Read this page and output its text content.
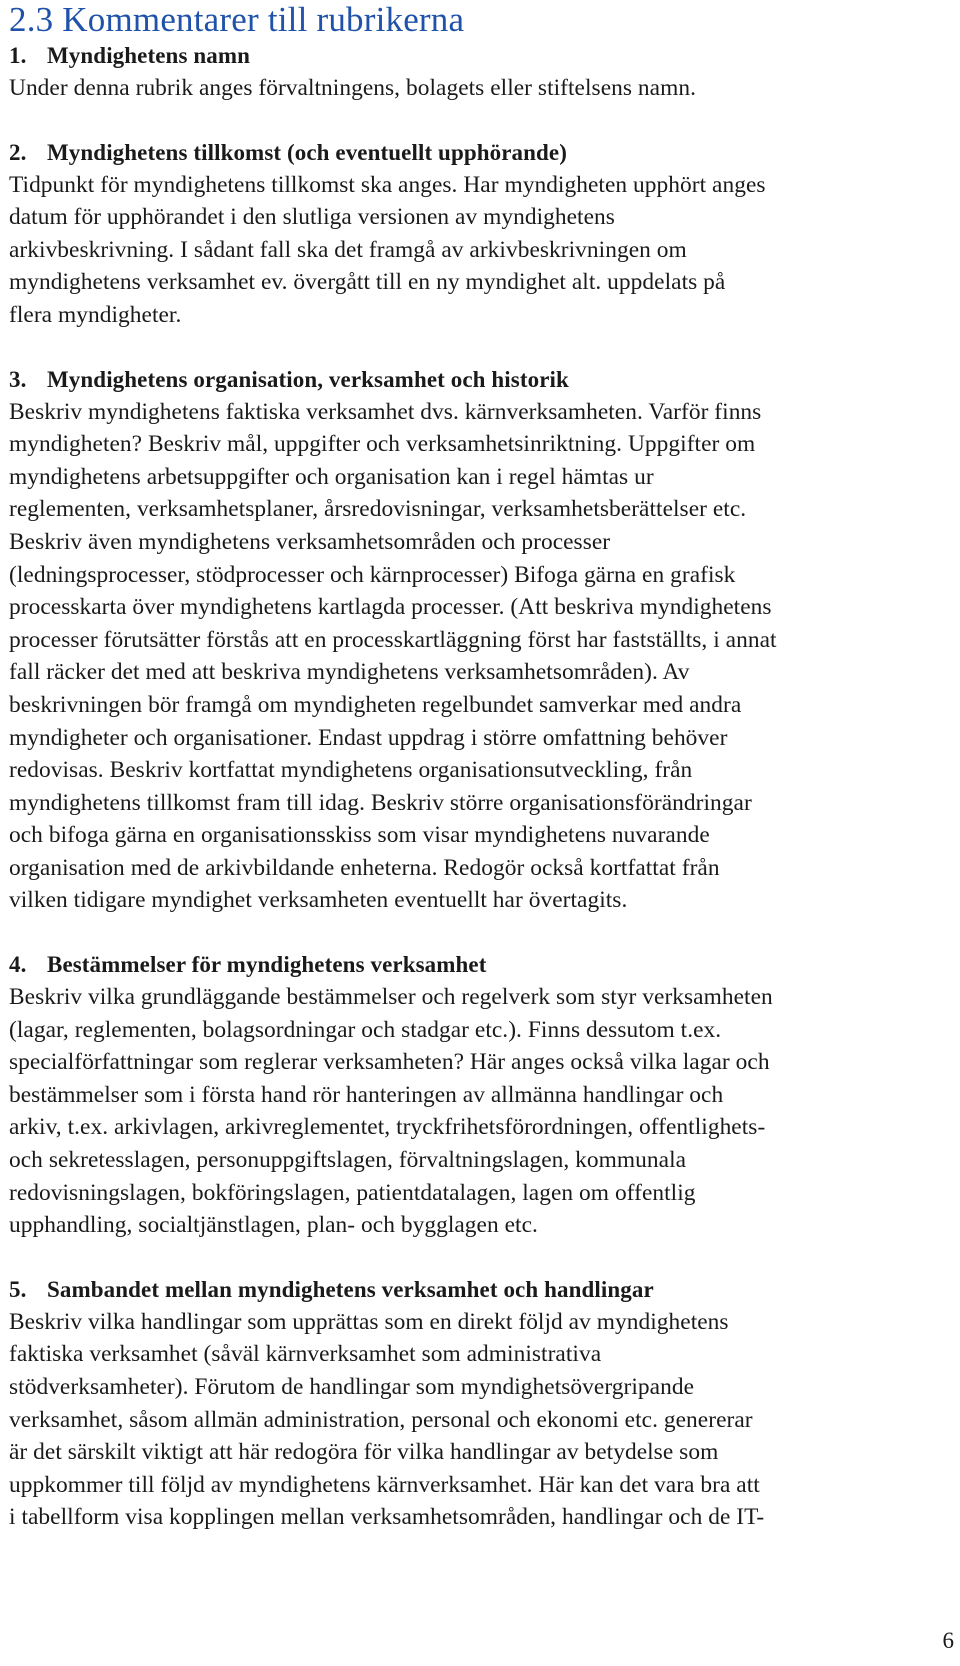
2.3 Kommentarer till rubrikerna
1. Myndighetens namn
Under denna rubrik anges förvaltningens, bolagets eller stiftelsens namn.
2. Myndighetens tillkomst (och eventuellt upphörande)
Tidpunkt för myndighetens tillkomst ska anges. Har myndigheten upphört anges
datum för upphörandet i den slutliga versionen av myndighetens
arkivbeskrivning. I sådant fall ska det framgå av arkivbeskrivningen om
myndighetens verksamhet ev. övergått till en ny myndighet alt. uppdelats på
flera myndigheter.
3. Myndighetens organisation, verksamhet och historik
Beskriv myndighetens faktiska verksamhet dvs. kärnverksamheten. Varför finns
myndigheten? Beskriv mål, uppgifter och verksamhetsinriktning. Uppgifter om
myndighetens arbetsuppgifter och organisation kan i regel hämtas ur
reglementen, verksamhetsplaner, årsredovisningar, verksamhetsberättelser etc.
Beskriv även myndighetens verksamhetsområden och processer
(ledningsprocesser, stödprocesser och kärnprocesser) Bifoga gärna en grafisk
processkarta över myndighetens kartlagda processer. (Att beskriva myndighetens
processer förutsätter förstås att en processkartläggning först har fastställts, i annat
fall räcker det med att beskriva myndighetens verksamhetsområden). Av
beskrivningen bör framgå om myndigheten regelbundet samverkar med andra
myndigheter och organisationer. Endast uppdrag i större omfattning behöver
redovisas. Beskriv kortfattat myndighetens organisationsutveckling, från
myndighetens tillkomst fram till idag. Beskriv större organisationsförändringar
och bifoga gärna en organisationsskiss som visar myndighetens nuvarande
organisation med de arkivbildande enheterna. Redogör också kortfattat från
vilken tidigare myndighet verksamheten eventuellt har övertagits.
4. Bestämmelser för myndighetens verksamhet
Beskriv vilka grundläggande bestämmelser och regelverk som styr verksamheten
(lagar, reglementen, bolagsordningar och stadgar etc.). Finns dessutom t.ex.
specialförfattningar som reglerar verksamheten? Här anges också vilka lagar och
bestämmelser som i första hand rör hanteringen av allmänna handlingar och
arkiv, t.ex. arkivlagen, arkivreglementet, tryckfrihetsförordningen, offentlighets-
och sekretesslagen, personuppgiftslagen, förvaltningslagen, kommunala
redovisningslagen, bokföringslagen, patientdatalagen, lagen om offentlig
upphandling, socialtjänstlagen, plan- och bygglagen etc.
5. Sambandet mellan myndighetens verksamhet och handlingar
Beskriv vilka handlingar som upprättas som en direkt följd av myndighetens
faktiska verksamhet (såväl kärnverksamhet som administrativa
stödverksamheter). Förutom de handlingar som myndighetsövergripande
verksamhet, såsom allmän administration, personal och ekonomi etc. genererar
är det särskilt viktigt att här redogöra för vilka handlingar av betydelse som
uppkommer till följd av myndighetens kärnverksamhet. Här kan det vara bra att
i tabellform visa kopplingen mellan verksamhetsområden, handlingar och de IT-
6
